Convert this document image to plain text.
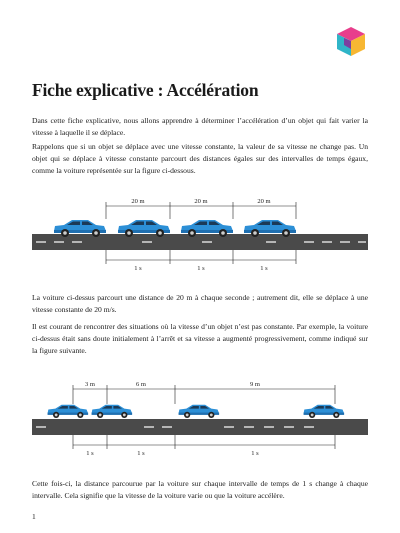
Fiche explicative : Accélération

Dans cette fiche explicative, nous allons apprendre à déterminer l’accélération d’un objet qui fait varier la vitesse à laquelle il se déplace.

Rappelons que si un objet se déplace avec une vitesse constante, la valeur de sa vitesse ne change pas. Un objet qui se déplace à vitesse constante parcourt des distances égales sur des intervalles de temps égaux, comme la voiture représentée sur la figure ci-dessous.

20 m	20 m	20 m
1 s	1 s	1 s

La voiture ci-dessus parcourt une distance de 20 m à chaque seconde ; autrement dit, elle se déplace à une vitesse constante de 20 m/s.

Il est courant de rencontrer des situations où la vitesse d’un objet n’est pas constante. Par exemple, la voiture ci-dessus était sans doute initialement à l’arrêt et sa vitesse a augmenté progressivement, comme indiqué sur la figure suivante.

3 m	6 m	9 m
1 s	1 s	1 s

Cette fois-ci, la distance parcourue par la voiture sur chaque intervalle de temps de 1 s change à chaque intervalle. Cela signifie que la vitesse de la voiture varie ou que la voiture accélère.

1
